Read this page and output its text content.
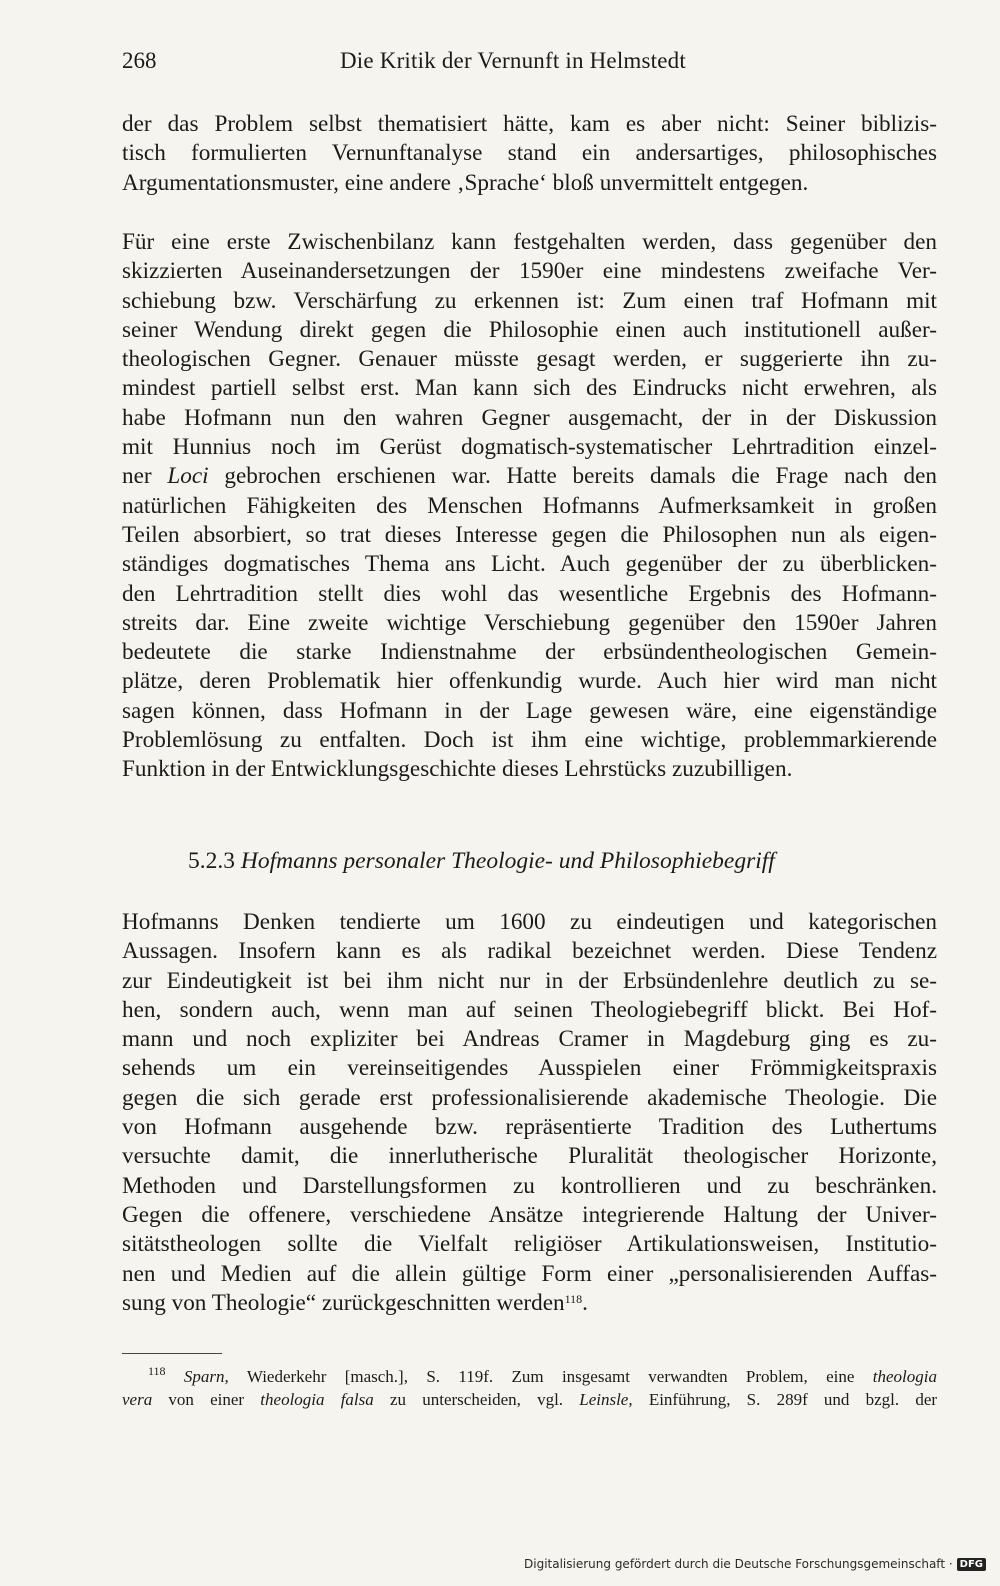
268	Die Kritik der Vernunft in Helmstedt
der das Problem selbst thematisiert hätte, kam es aber nicht: Seiner biblizis-
tisch formulierten Vernunftanalyse stand ein andersartiges, philosophisches
Argumentationsmuster, eine andere ‚Sprache‘ bloß unvermittelt entgegen.
Für eine erste Zwischenbilanz kann festgehalten werden, dass gegenüber den
skizzierten Auseinandersetzungen der 1590er eine mindestens zweifache Ver-
schiebung bzw. Verschärfung zu erkennen ist: Zum einen traf Hofmann mit
seiner Wendung direkt gegen die Philosophie einen auch institutionell außer-
theologischen Gegner. Genauer müsste gesagt werden, er suggerierte ihn zu-
mindest partiell selbst erst. Man kann sich des Eindrucks nicht erwehren, als
habe Hofmann nun den wahren Gegner ausgemacht, der in der Diskussion
mit Hunnius noch im Gerüst dogmatisch-systematischer Lehrtradition einzel-
ner Loci gebrochen erschienen war. Hatte bereits damals die Frage nach den
natürlichen Fähigkeiten des Menschen Hofmanns Aufmerksamkeit in großen
Teilen absorbiert, so trat dieses Interesse gegen die Philosophen nun als eigen-
ständiges dogmatisches Thema ans Licht. Auch gegenüber der zu überblicken-
den Lehrtradition stellt dies wohl das wesentliche Ergebnis des Hofmann-
streits dar. Eine zweite wichtige Verschiebung gegenüber den 1590er Jahren
bedeutete die starke Indienstnahme der erbsündentheologischen Gemein-
plätze, deren Problematik hier offenkundig wurde. Auch hier wird man nicht
sagen können, dass Hofmann in der Lage gewesen wäre, eine eigenständige
Problemlösung zu entfalten. Doch ist ihm eine wichtige, problemmarkierende
Funktion in der Entwicklungsgeschichte dieses Lehrstücks zuzubilligen.
5.2.3 Hofmanns personaler Theologie- und Philosophiebegriff
Hofmanns Denken tendierte um 1600 zu eindeutigen und kategorischen
Aussagen. Insofern kann es als radikal bezeichnet werden. Diese Tendenz
zur Eindeutigkeit ist bei ihm nicht nur in der Erbsündenlehre deutlich zu se-
hen, sondern auch, wenn man auf seinen Theologiebegriff blickt. Bei Hof-
mann und noch expliziter bei Andreas Cramer in Magdeburg ging es zu-
sehends um ein vereinseitigendes Ausspielen einer Frömmigkeitspraxis
gegen die sich gerade erst professionalisierende akademische Theologie. Die
von Hofmann ausgehende bzw. repräsentierte Tradition des Luthertums
versuchte damit, die innerlutherische Pluralität theologischer Horizonte,
Methoden und Darstellungsformen zu kontrollieren und zu beschränken.
Gegen die offenere, verschiedene Ansätze integrierende Haltung der Univer-
sitätstheologen sollte die Vielfalt religiöser Artikulationsweisen, Institutio-
nen und Medien auf die allein gültige Form einer „personalisierenden Auffas-
sung von Theologie“ zurückgeschnitten werden$^{118}$.
$^{118}$ Sparn, Wiederkehr [masch.], S. 119f. Zum insgesamt verwandten Problem, eine theologia
vera von einer theologia falsa zu unterscheiden, vgl. Leinsle, Einführung, S. 289f und bzgl. der
Digitalisierung gefördert durch die Deutsche Forschungsgemeinschaft · DFG
